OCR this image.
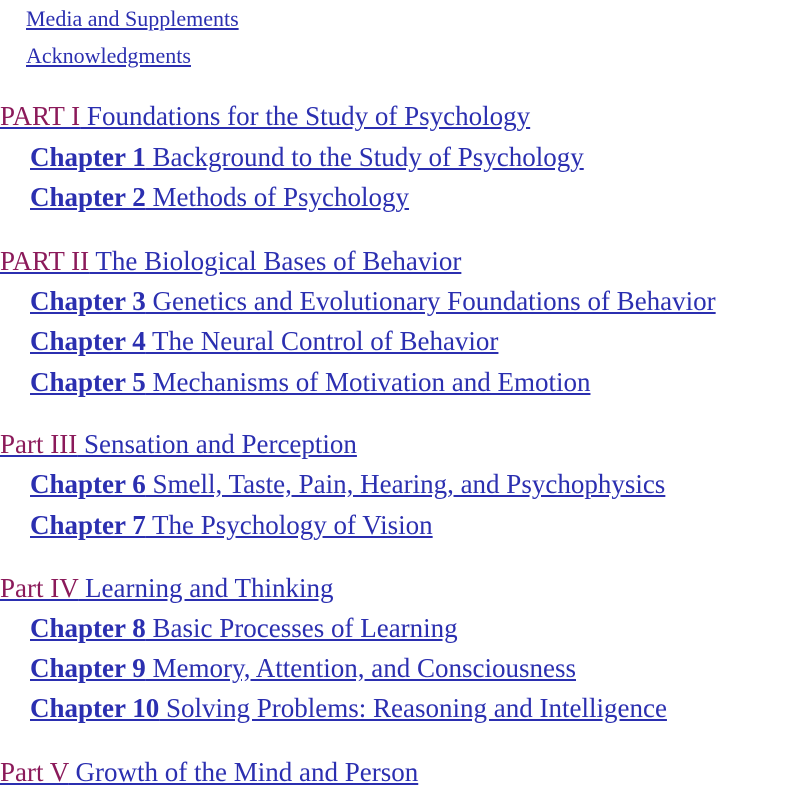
Media and Supplements
Acknowledgments
PART I Foundations for the Study of Psychology
Chapter 1 Background to the Study of Psychology
Chapter 2 Methods of Psychology
PART II The Biological Bases of Behavior
Chapter 3 Genetics and Evolutionary Foundations of Behavior
Chapter 4 The Neural Control of Behavior
Chapter 5 Mechanisms of Motivation and Emotion
Part III Sensation and Perception
Chapter 6 Smell, Taste, Pain, Hearing, and Psychophysics
Chapter 7 The Psychology of Vision
Part IV Learning and Thinking
Chapter 8 Basic Processes of Learning
Chapter 9 Memory, Attention, and Consciousness
Chapter 10 Solving Problems: Reasoning and Intelligence
Part V Growth of the Mind and Person
